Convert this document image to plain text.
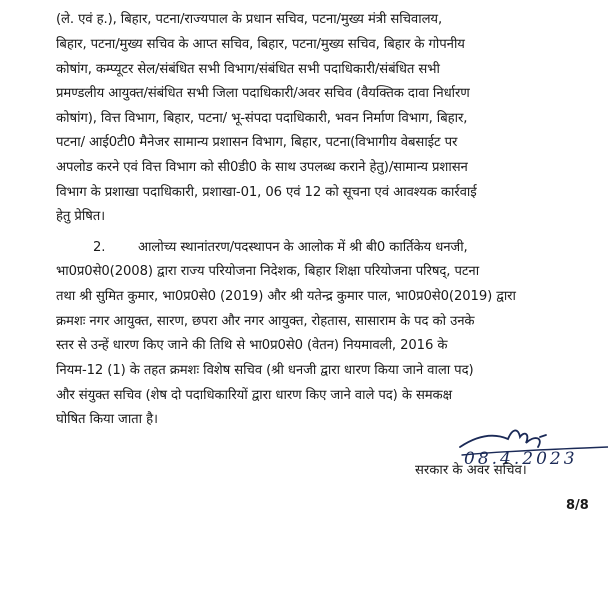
(ले. एवं ह.), बिहार, पटना/राज्यपाल के प्रधान सचिव, पटना/मुख्य मंत्री सचिवालय,
बिहार, पटना/मुख्य सचिव के आप्त सचिव, बिहार, पटना/मुख्य सचिव, बिहार के गोपनीय
कोषांग, कम्प्यूटर सेल/संबंधित सभी विभाग/संबंधित सभी पदाधिकारी/संबंधित सभी
प्रमण्डलीय आयुक्त/संबंधित सभी जिला पदाधिकारी/अवर सचिव (वैयक्तिक दावा निर्धारण
कोषांग), वित्त विभाग, बिहार, पटना/ भू-संपदा पदाधिकारी, भवन निर्माण विभाग, बिहार,
पटना/ आई0टी0 मैनेजर सामान्य प्रशासन विभाग, बिहार, पटना(विभागीय वेबसाईट पर
अपलोड करने एवं वित्त विभाग को सी0डी0 के साथ उपलब्ध कराने हेतु)/सामान्य प्रशासन
विभाग के प्रशाखा पदाधिकारी, प्रशाखा-01, 06 एवं 12 को सूचना एवं आवश्यक कार्रवाई
हेतु प्रेषित।
2.	आलोच्य स्थानांतरण/पदस्थापन के आलोक में श्री बी0 कार्तिकेय धनजी,
भा0प्र0से0(2008) द्वारा राज्य परियोजना निदेशक, बिहार शिक्षा परियोजना परिषद्, पटना
तथा श्री सुमित कुमार, भा0प्र0से0 (2019) और श्री यतेन्द्र कुमार पाल, भा0प्र0से0(2019) द्वारा
क्रमशः नगर आयुक्त, सारण, छपरा और नगर आयुक्त, रोहतास, सासाराम के पद को उनके
स्तर से उन्हें धारण किए जाने की तिथि से भा0प्र0से0 (वेतन) नियमावली, 2016 के
नियम-12 (1) के तहत क्रमशः विशेष सचिव (श्री धनजी द्वारा धारण किया जाने वाला पद)
और संयुक्त सचिव (शेष दो पदाधिकारियों द्वारा धारण किए जाने वाले पद) के समकक्ष
घोषित किया जाता है।
08.4.2023
सरकार के अवर सचिव।
8/8
